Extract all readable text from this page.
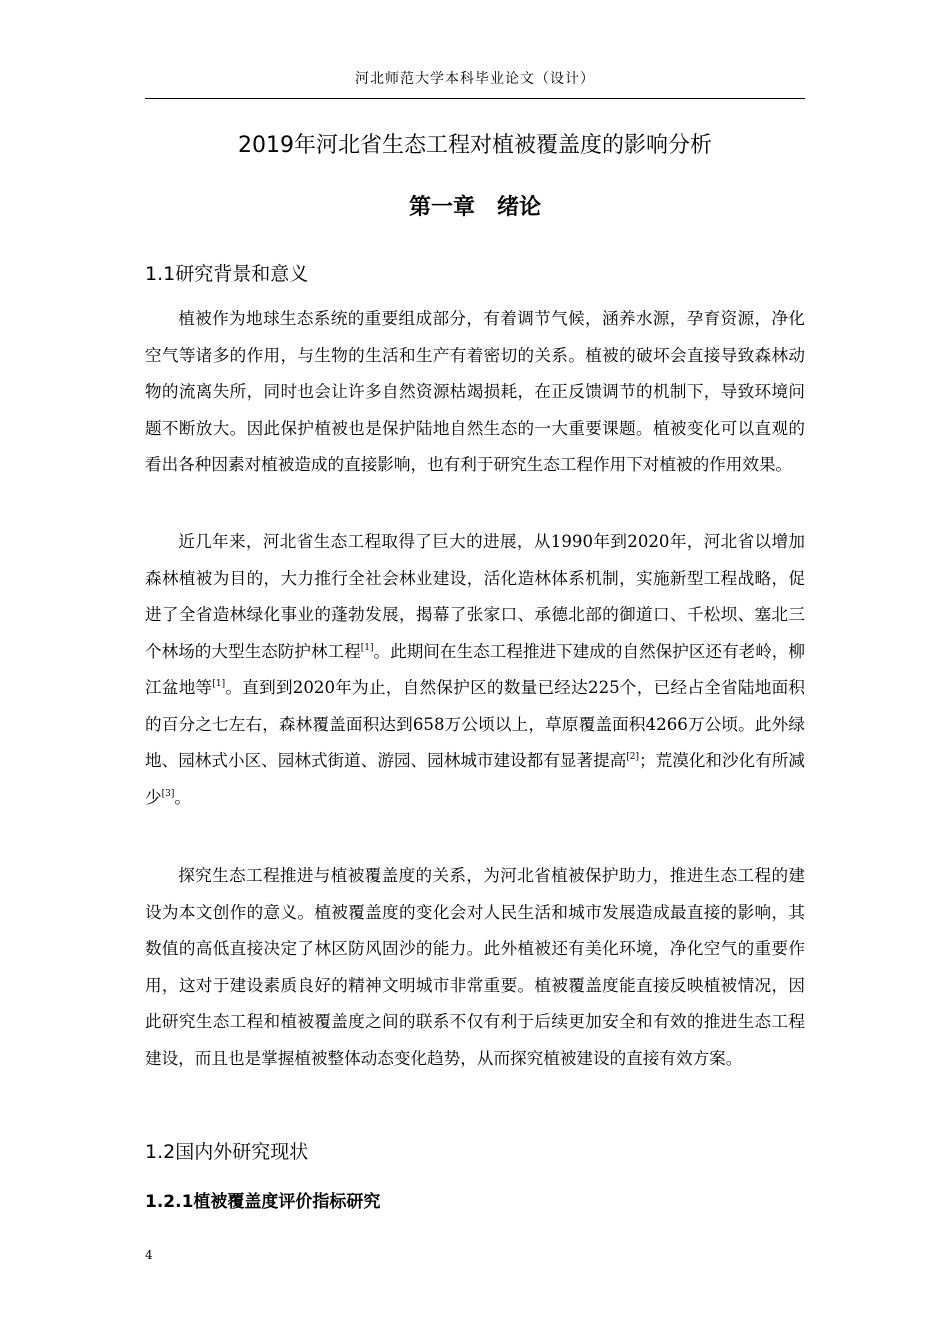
河北师范大学本科毕业论文（设计）
2019年河北省生态工程对植被覆盖度的影响分析
第一章　绪论
1.1研究背景和意义

植被作为地球生态系统的重要组成部分，有着调节气候，涵养水源，孕育资源，净化空气等诸多的作用，与生物的生活和生产有着密切的关系。植被的破坏会直接导致森林动物的流离失所，同时也会让许多自然资源枯竭损耗，在正反馈调节的机制下，导致环境问题不断放大。因此保护植被也是保护陆地自然生态的一大重要课题。植被变化可以直观的看出各种因素对植被造成的直接影响，也有利于研究生态工程作用下对植被的作用效果。

近几年来，河北省生态工程取得了巨大的进展，从1990年到2020年，河北省以增加森林植被为目的，大力推行全社会林业建设，活化造林体系机制，实施新型工程战略，促进了全省造林绿化事业的蓬勃发展，揭幕了张家口、承德北部的御道口、千松坝、塞北三个林场的大型生态防护林工程[1]。此期间在生态工程推进下建成的自然保护区还有老岭，柳江盆地等[1]。直到到2020年为止，自然保护区的数量已经达225个，已经占全省陆地面积的百分之七左右，森林覆盖面积达到658万公顷以上，草原覆盖面积4266万公顷。此外绿地、园林式小区、园林式街道、游园、园林城市建设都有显著提高[2]；荒漠化和沙化有所减少[3]。

探究生态工程推进与植被覆盖度的关系，为河北省植被保护助力，推进生态工程的建设为本文创作的意义。植被覆盖度的变化会对人民生活和城市发展造成最直接的影响，其数值的高低直接决定了林区防风固沙的能力。此外植被还有美化环境，净化空气的重要作用，这对于建设素质良好的精神文明城市非常重要。植被覆盖度能直接反映植被情况，因此研究生态工程和植被覆盖度之间的联系不仅有利于后续更加安全和有效的推进生态工程建设，而且也是掌握植被整体动态变化趋势，从而探究植被建设的直接有效方案。

1.2国内外研究现状
1.2.1植被覆盖度评价指标研究
4
